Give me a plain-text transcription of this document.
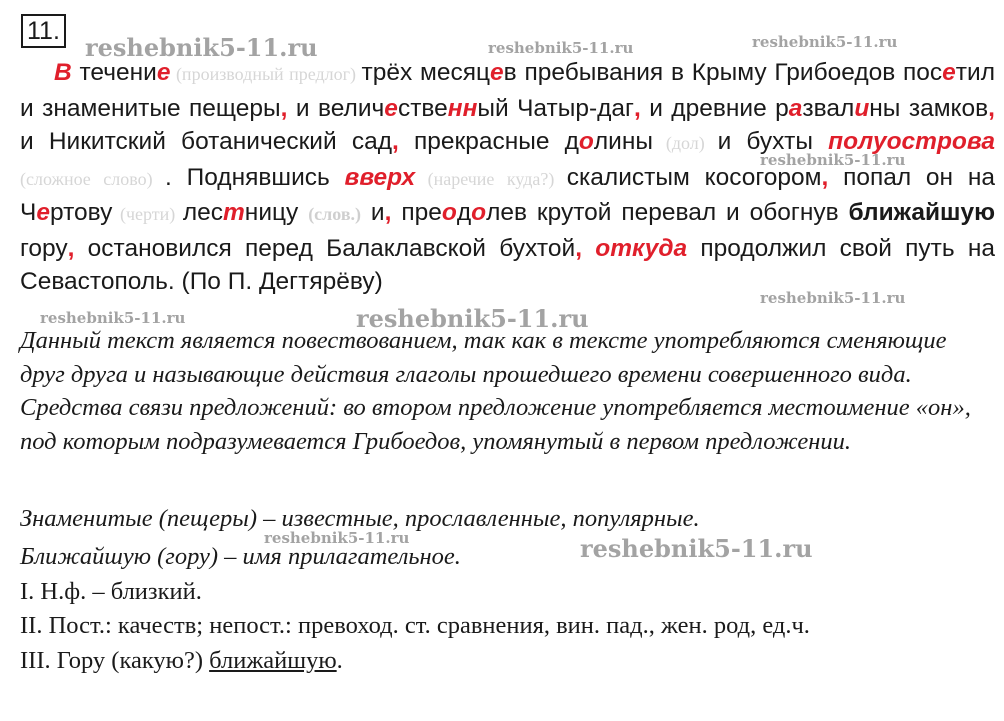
11.

В течение (производный предлог) трёх месяцев пребывания в Крыму Грибоедов посетил и знаменитые пещеры, и величественный Чатыр-даг, и древние развалины замков, и Никитский ботанический сад, прекрасные долины (дол) и бухты полуострова (сложное слово) . Поднявшись вверх (наречие куда?) скалистым косогором, попал он на Чертову (черти) лестницу (слов.) и, преодолев крутой перевал и обогнув ближайшую гору, остановился перед Балаклавской бухтой, откуда продолжил свой путь на Севастополь. (По П. Дегтярёву)

Данный текст является повествованием, так как в тексте употребляются сменяющие друг друга и называющие действия глаголы прошедшего времени совершенного вида. Средства связи предложений: во втором предложение употребляется местоимение «он», под которым подразумевается Грибоедов, упомянутый в первом предложении.

Знаменитые (пещеры) – известные, прославленные, популярные.

Ближайшую (гору) – имя прилагательное.

I. Н.ф. – близкий.

II. Пост.: качеств; непост.: превоход. ст. сравнения, вин. пад., жен. род, ед.ч.

III. Гору (какую?) ближайшую.

reshebnik5-11.ru	reshebnik5-11.ru	reshebnik5-11.ru
reshebnik5-11.ru
reshebnik5-11.ru
reshebnik5-11.ru	reshebnik5-11.ru
reshebnik5-11.ru	reshebnik5-11.ru
